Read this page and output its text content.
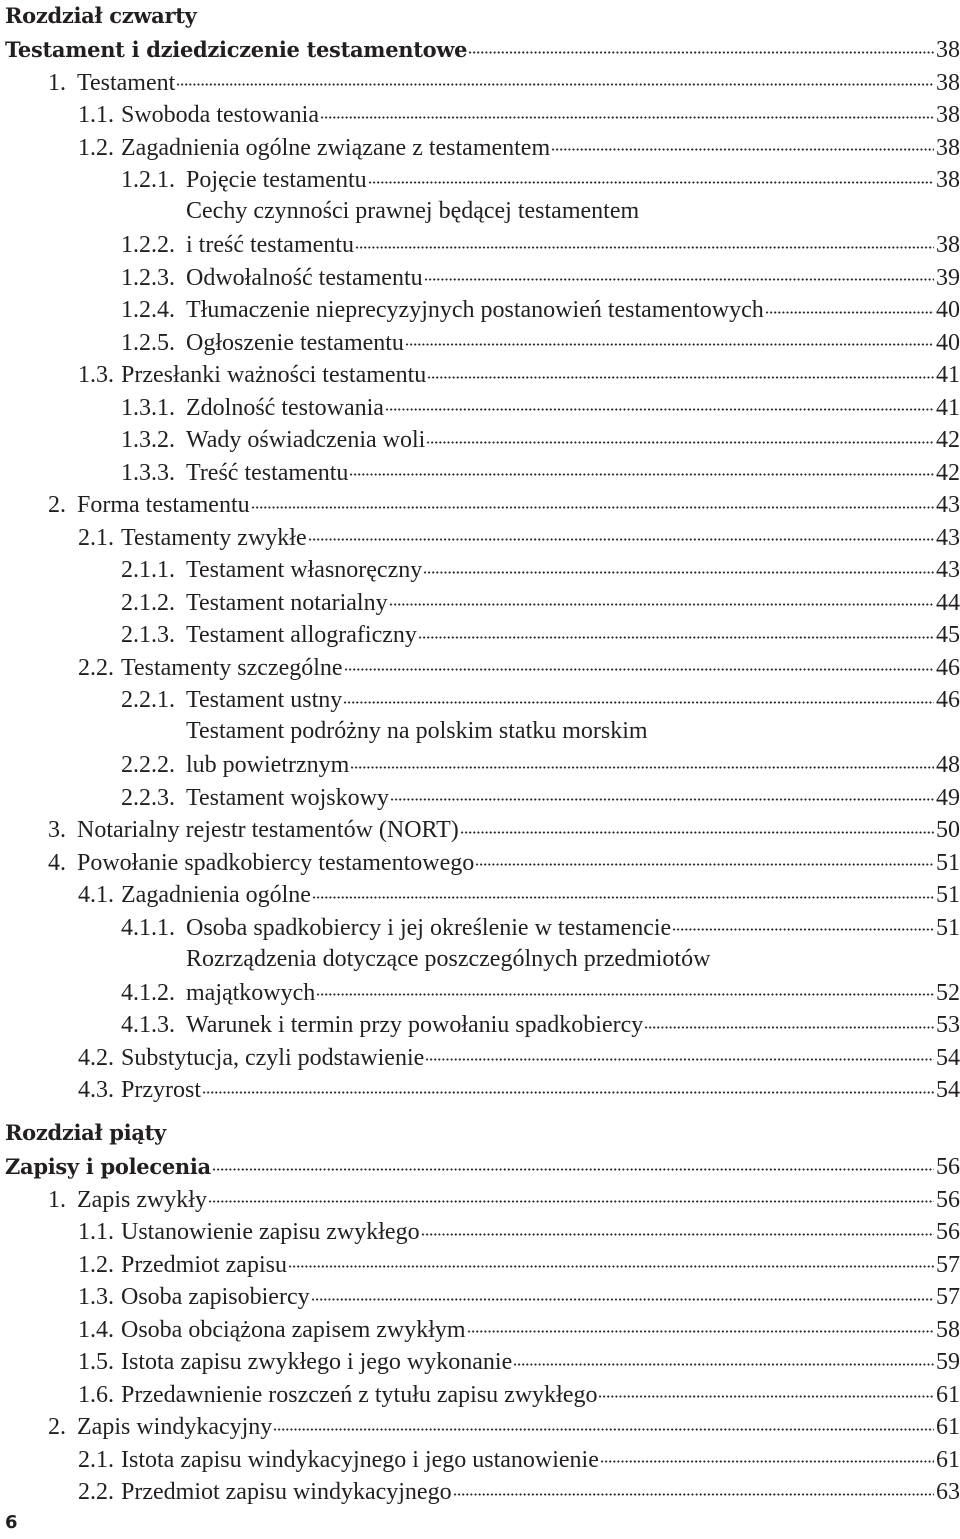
Rozdział czwarty
Testament i dziedziczenie testamentowe	38
1. Testament	38
1.1. Swoboda testowania	38
1.2. Zagadnienia ogólne związane z testamentem	38
1.2.1. Pojęcie testamentu	38
Cechy czynności prawnej będącej testamentem
1.2.2. i treść testamentu	38
1.2.3. Odwołalność testamentu	39
1.2.4. Tłumaczenie nieprecyzyjnych postanowień testamentowych	40
1.2.5. Ogłoszenie testamentu	40
1.3. Przesłanki ważności testamentu	41
1.3.1. Zdolność testowania	41
1.3.2. Wady oświadczenia woli	42
1.3.3. Treść testamentu	42
2. Forma testamentu	43
2.1. Testamenty zwykłe	43
2.1.1. Testament własnoręczny	43
2.1.2. Testament notarialny	44
2.1.3. Testament allograficzny	45
2.2. Testamenty szczególne	46
2.2.1. Testament ustny	46
Testament podróżny na polskim statku morskim
2.2.2. lub powietrznym	48
2.2.3. Testament wojskowy	49
3. Notarialny rejestr testamentów (NORT)	50
4. Powołanie spadkobiercy testamentowego	51
4.1. Zagadnienia ogólne	51
4.1.1. Osoba spadkobiercy i jej określenie w testamencie	51
Rozrządzenia dotyczące poszczególnych przedmiotów
4.1.2. majątkowych	52
4.1.3. Warunek i termin przy powołaniu spadkobiercy	53
4.2. Substytucja, czyli podstawienie	54
4.3. Przyrost	54
Rozdział piąty
Zapisy i polecenia	56
1. Zapis zwykły	56
1.1. Ustanowienie zapisu zwykłego	56
1.2. Przedmiot zapisu	57
1.3. Osoba zapisobiercy	57
1.4. Osoba obciążona zapisem zwykłym	58
1.5. Istota zapisu zwykłego i jego wykonanie	59
1.6. Przedawnienie roszczeń z tytułu zapisu zwykłego	61
2. Zapis windykacyjny	61
2.1. Istota zapisu windykacyjnego i jego ustanowienie	61
2.2. Przedmiot zapisu windykacyjnego	63
6
